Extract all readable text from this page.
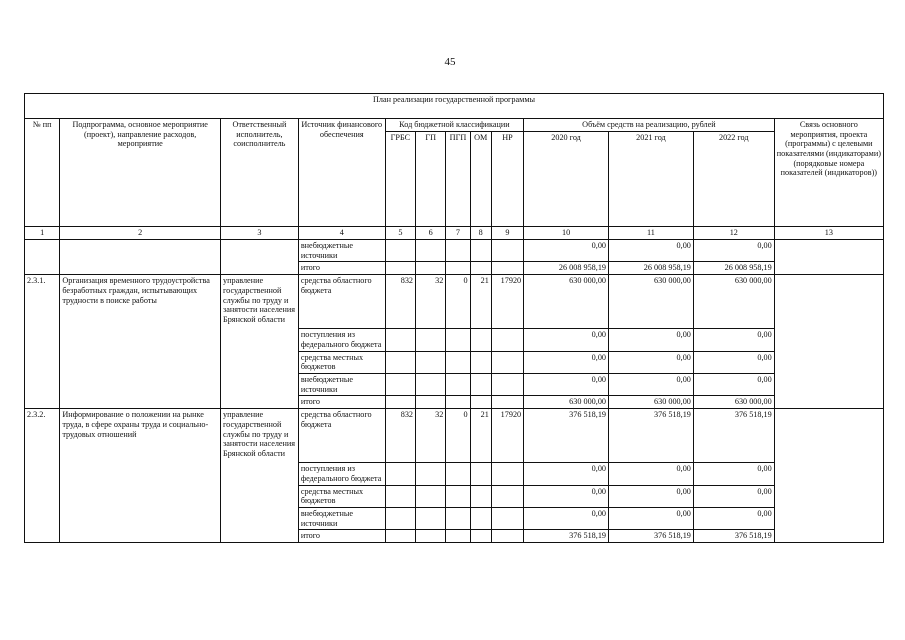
45
План реализации государственной программы												
№ пп	Подпрограмма, основное мероприятие (проект), направление расходов, мероприятие	Ответственный исполнитель, соисполнитель	Источник финансового обеспечения	Код бюджетной классификации					Объём средств на реализацию, рублей			Связь основного мероприятия, проекта (программы) с целевыми показателями (индикаторами) (порядковые номера показателей (индикаторов))
				ГРБС	ГП	ПГП	ОМ	НР	2020 год	2021 год	2022 год	
1	2	3	4	5	6	7	8	9	10	11	12	13
			внебюджетные источники						0,00	0,00	0,00	
			итого						26 008 958,19	26 008 958,19	26 008 958,19	
2.3.1.	Организация временного трудоустройства безработных граждан, испытывающих трудности в поиске работы	управление государственной службы по труду и занятости населения Брянской области	средства областного бюджета	832	32	0	21	17920	630 000,00	630 000,00	630 000,00	
			поступления из федерального бюджета						0,00	0,00	0,00	
			средства местных бюджетов						0,00	0,00	0,00	
			внебюджетные источники						0,00	0,00	0,00	
			итого						630 000,00	630 000,00	630 000,00	
2.3.2.	Информирование о положении на рынке труда, в сфере охраны труда и социально-трудовых отношений	управление государственной службы по труду и занятости населения Брянской области	средства областного бюджета	832	32	0	21	17920	376 518,19	376 518,19	376 518,19	
			поступления из федерального бюджета						0,00	0,00	0,00	
			средства местных бюджетов						0,00	0,00	0,00	
			внебюджетные источники						0,00	0,00	0,00	
			итого						376 518,19	376 518,19	376 518,19	
